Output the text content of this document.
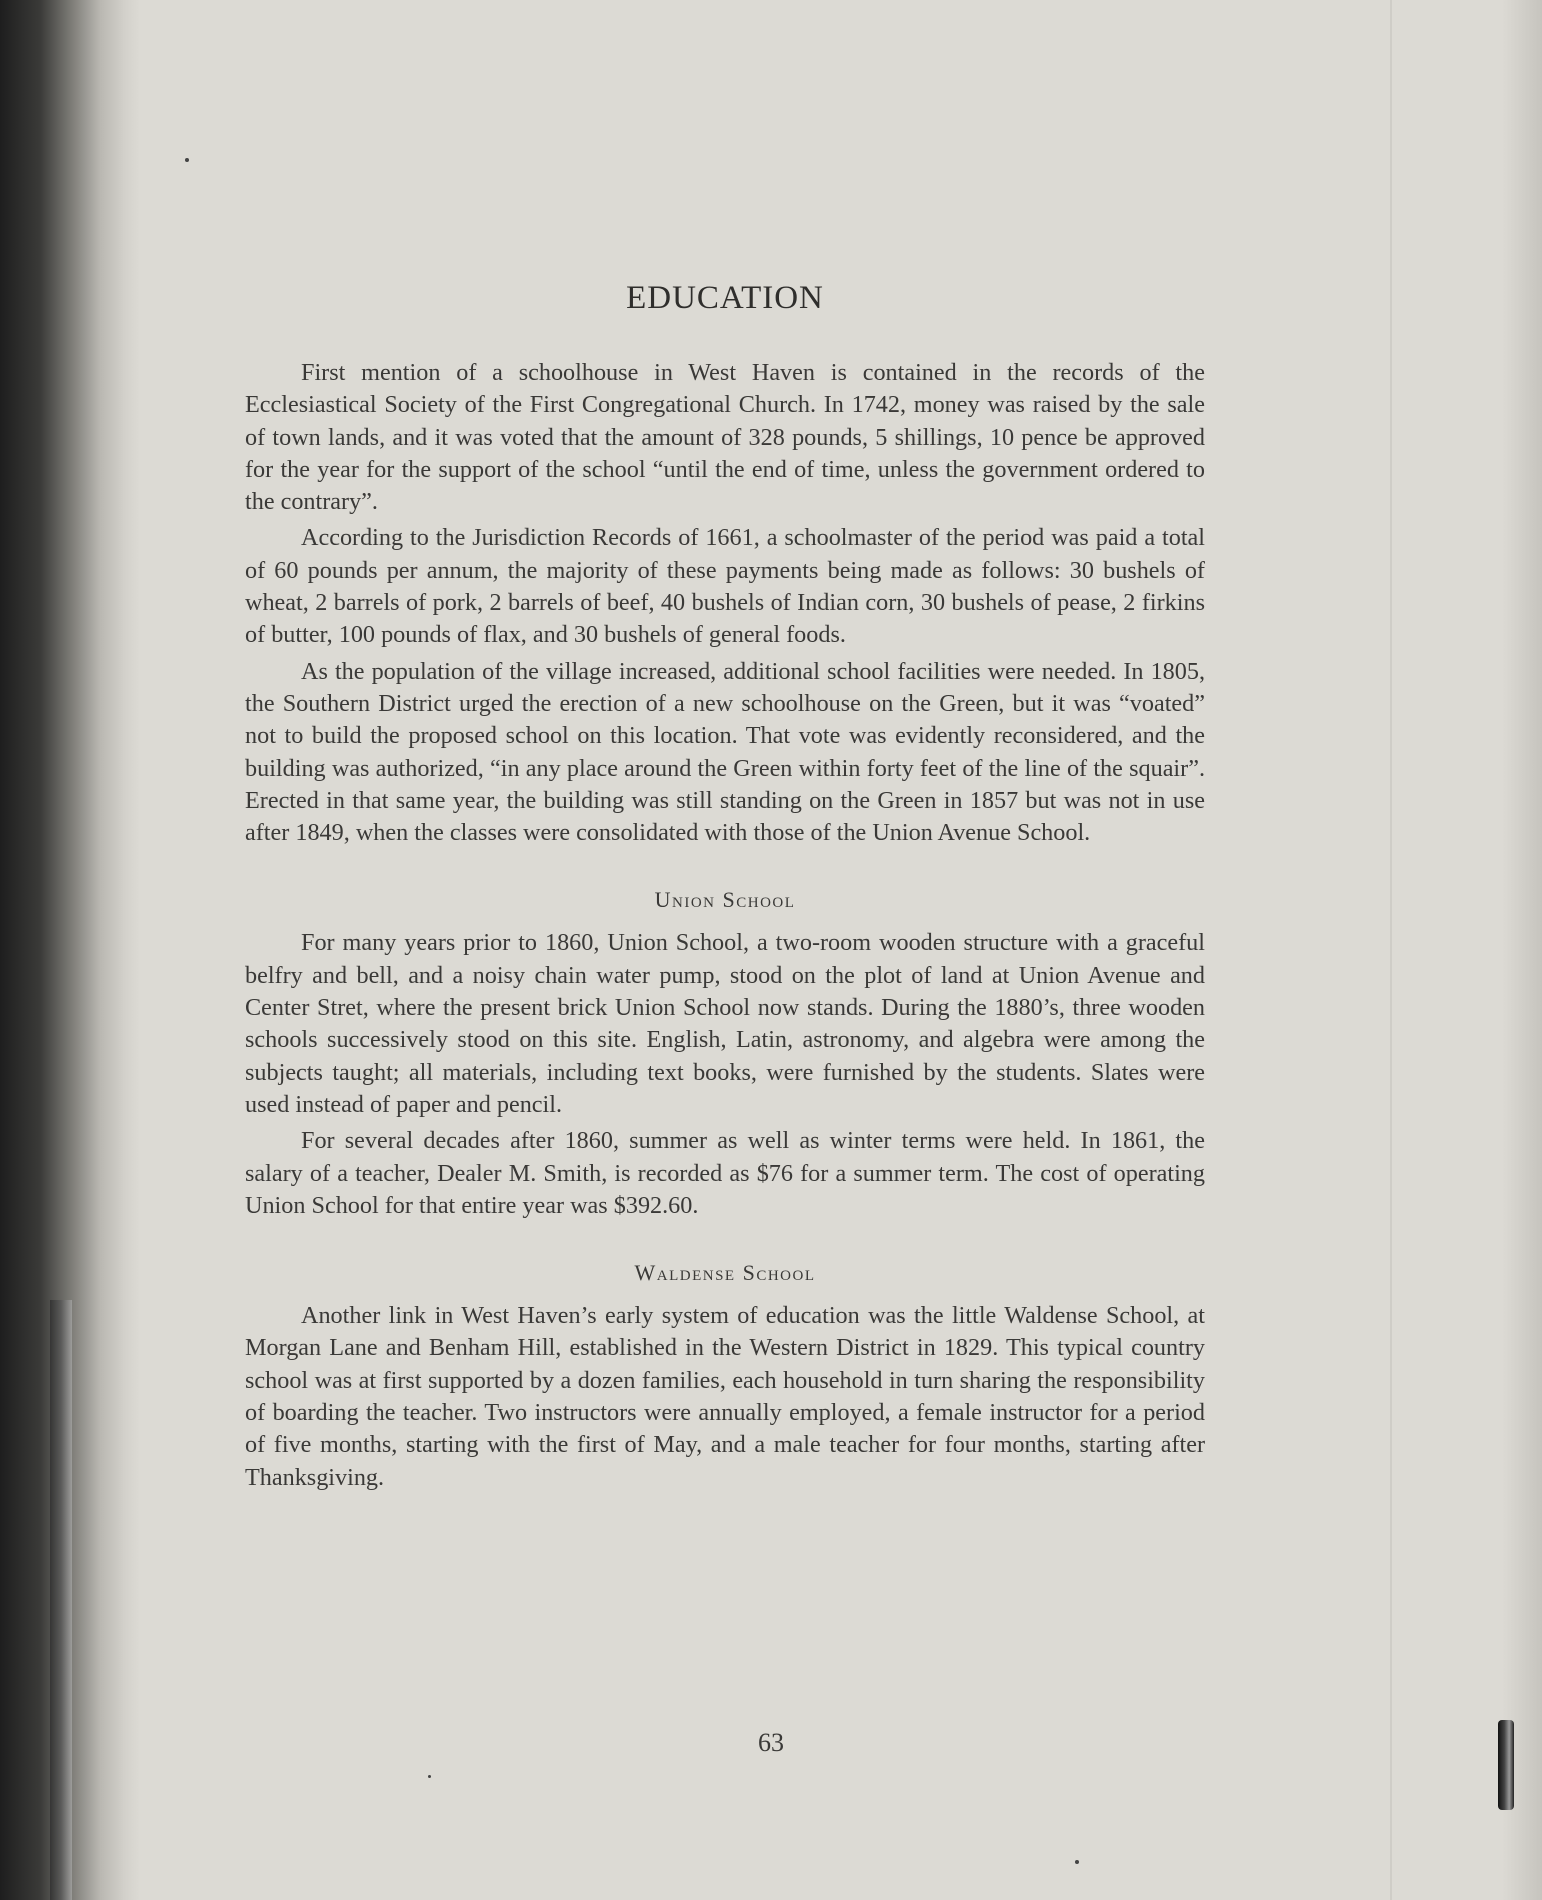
EDUCATION

First mention of a schoolhouse in West Haven is contained in the records of the Ecclesiastical Society of the First Congregational Church. In 1742, money was raised by the sale of town lands, and it was voted that the amount of 328 pounds, 5 shillings, 10 pence be approved for the year for the support of the school “until the end of time, unless the government ordered to the contrary”.

According to the Jurisdiction Records of 1661, a schoolmaster of the period was paid a total of 60 pounds per annum, the majority of these payments being made as follows: 30 bushels of wheat, 2 barrels of pork, 2 barrels of beef, 40 bushels of Indian corn, 30 bushels of pease, 2 firkins of butter, 100 pounds of flax, and 30 bushels of general foods.

As the population of the village increased, additional school facilities were needed. In 1805, the Southern District urged the erection of a new schoolhouse on the Green, but it was “voated” not to build the proposed school on this location. That vote was evidently reconsidered, and the building was authorized, “in any place around the Green within forty feet of the line of the squair”. Erected in that same year, the building was still standing on the Green in 1857 but was not in use after 1849, when the classes were consolidated with those of the Union Avenue School.

Union School

For many years prior to 1860, Union School, a two-room wooden structure with a graceful belfry and bell, and a noisy chain water pump, stood on the plot of land at Union Avenue and Center Stret, where the present brick Union School now stands. During the 1880’s, three wooden schools successively stood on this site. English, Latin, astronomy, and algebra were among the subjects taught; all materials, including text books, were furnished by the students. Slates were used instead of paper and pencil.

For several decades after 1860, summer as well as winter terms were held. In 1861, the salary of a teacher, Dealer M. Smith, is recorded as $76 for a summer term. The cost of operating Union School for that entire year was $392.60.

Waldense School

Another link in West Haven’s early system of education was the little Waldense School, at Morgan Lane and Benham Hill, established in the Western District in 1829. This typical country school was at first supported by a dozen families, each household in turn sharing the responsibility of boarding the teacher. Two instructors were annually employed, a female instructor for a period of five months, starting with the first of May, and a male teacher for four months, starting after Thanksgiving.

63
